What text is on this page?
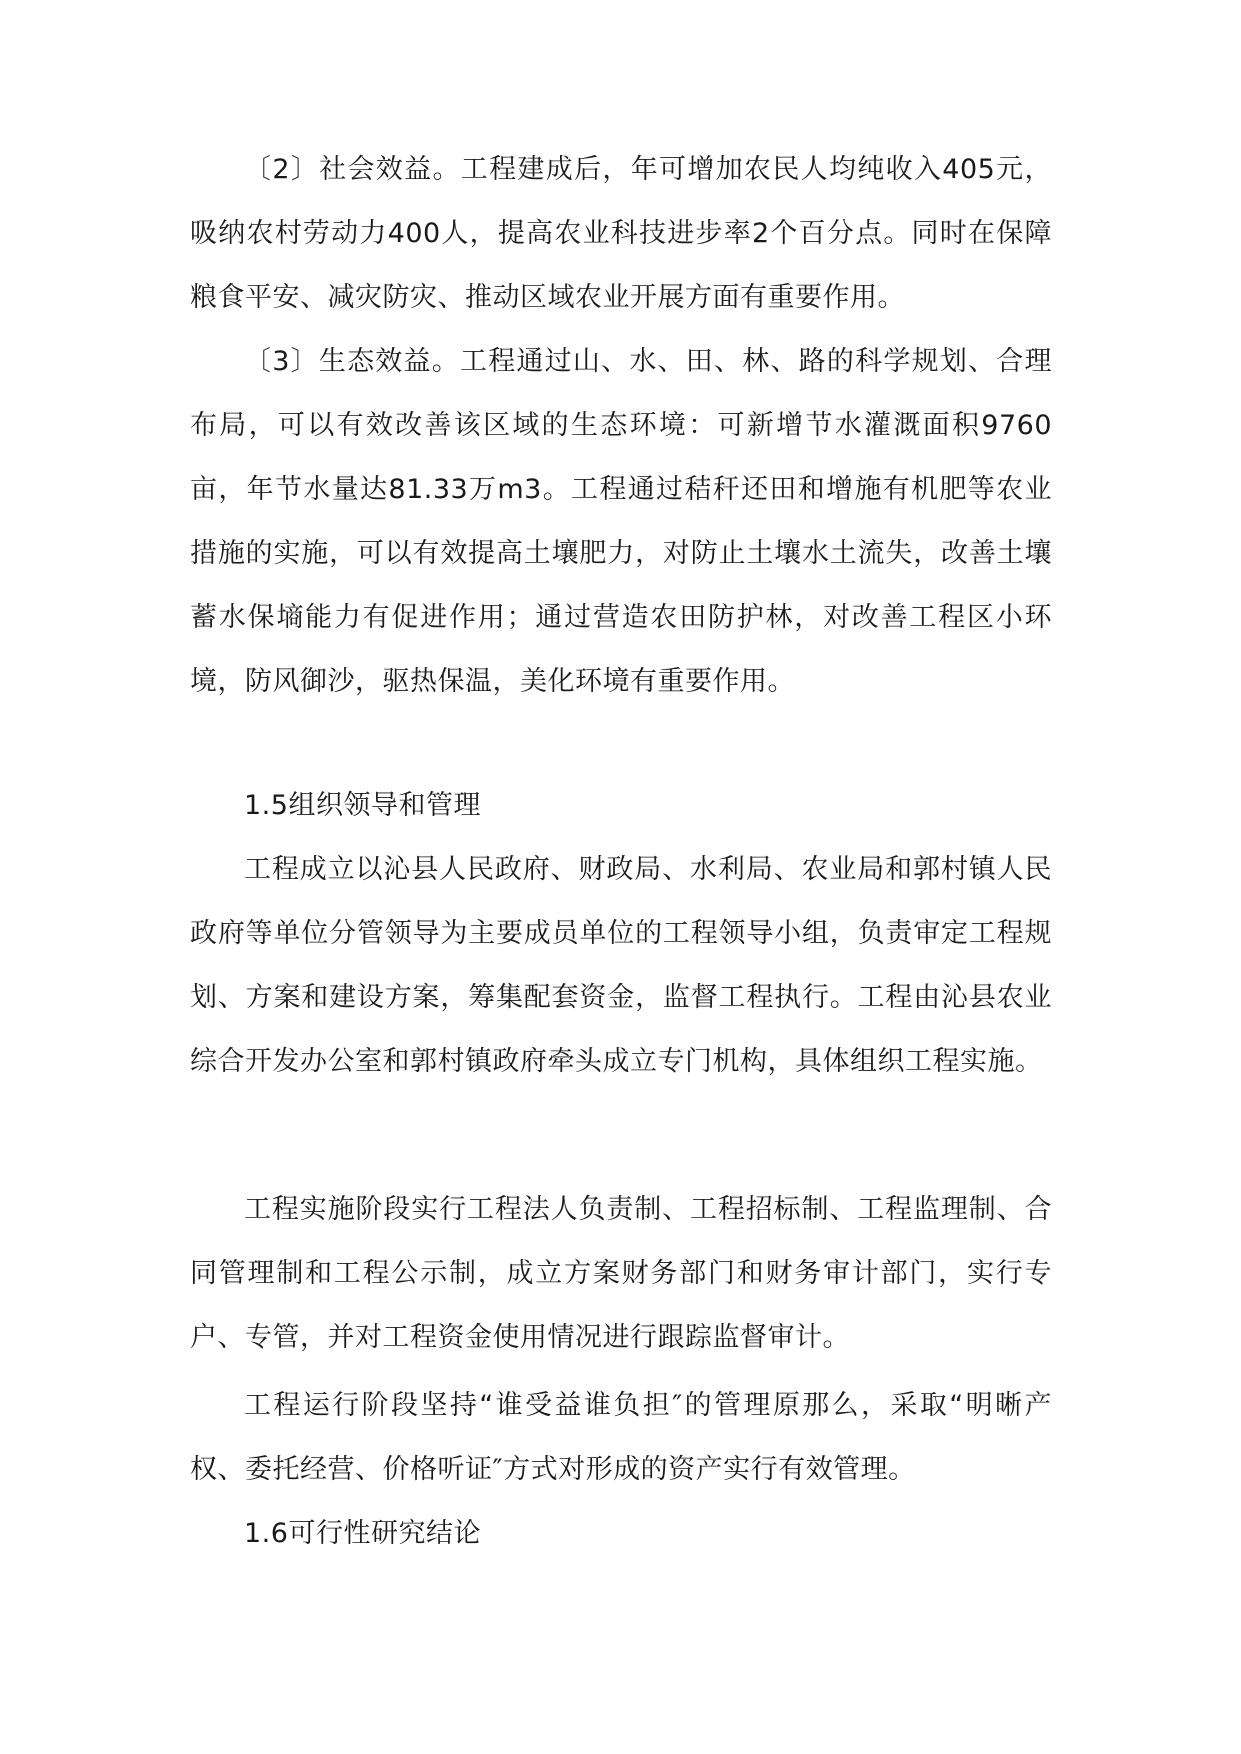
〔2〕社会效益。工程建成后，年可增加农民人均纯收入405元，吸纳农村劳动力400人，提高农业科技进步率2个百分点。同时在保障粮食平安、减灾防灾、推动区域农业开展方面有重要作用。

〔3〕生态效益。工程通过山、水、田、林、路的科学规划、合理布局，可以有效改善该区域的生态环境：可新增节水灌溉面积9760亩，年节水量达81.33万m3。工程通过秸秆还田和增施有机肥等农业措施的实施，可以有效提高土壤肥力，对防止土壤水土流失，改善土壤蓄水保墒能力有促进作用；通过营造农田防护林，对改善工程区小环境，防风御沙，驱热保温，美化环境有重要作用。

1.5组织领导和管理

工程成立以沁县人民政府、财政局、水利局、农业局和郭村镇人民政府等单位分管领导为主要成员单位的工程领导小组，负责审定工程规划、方案和建设方案，筹集配套资金，监督工程执行。工程由沁县农业综合开发办公室和郭村镇政府牵头成立专门机构，具体组织工程实施。

工程实施阶段实行工程法人负责制、工程招标制、工程监理制、合同管理制和工程公示制，成立方案财务部门和财务审计部门，实行专户、专管，并对工程资金使用情况进行跟踪监督审计。

工程运行阶段坚持“谁受益谁负担″的管理原那么，采取“明晰产权、委托经营、价格听证″方式对形成的资产实行有效管理。

1.6可行性研究结论
